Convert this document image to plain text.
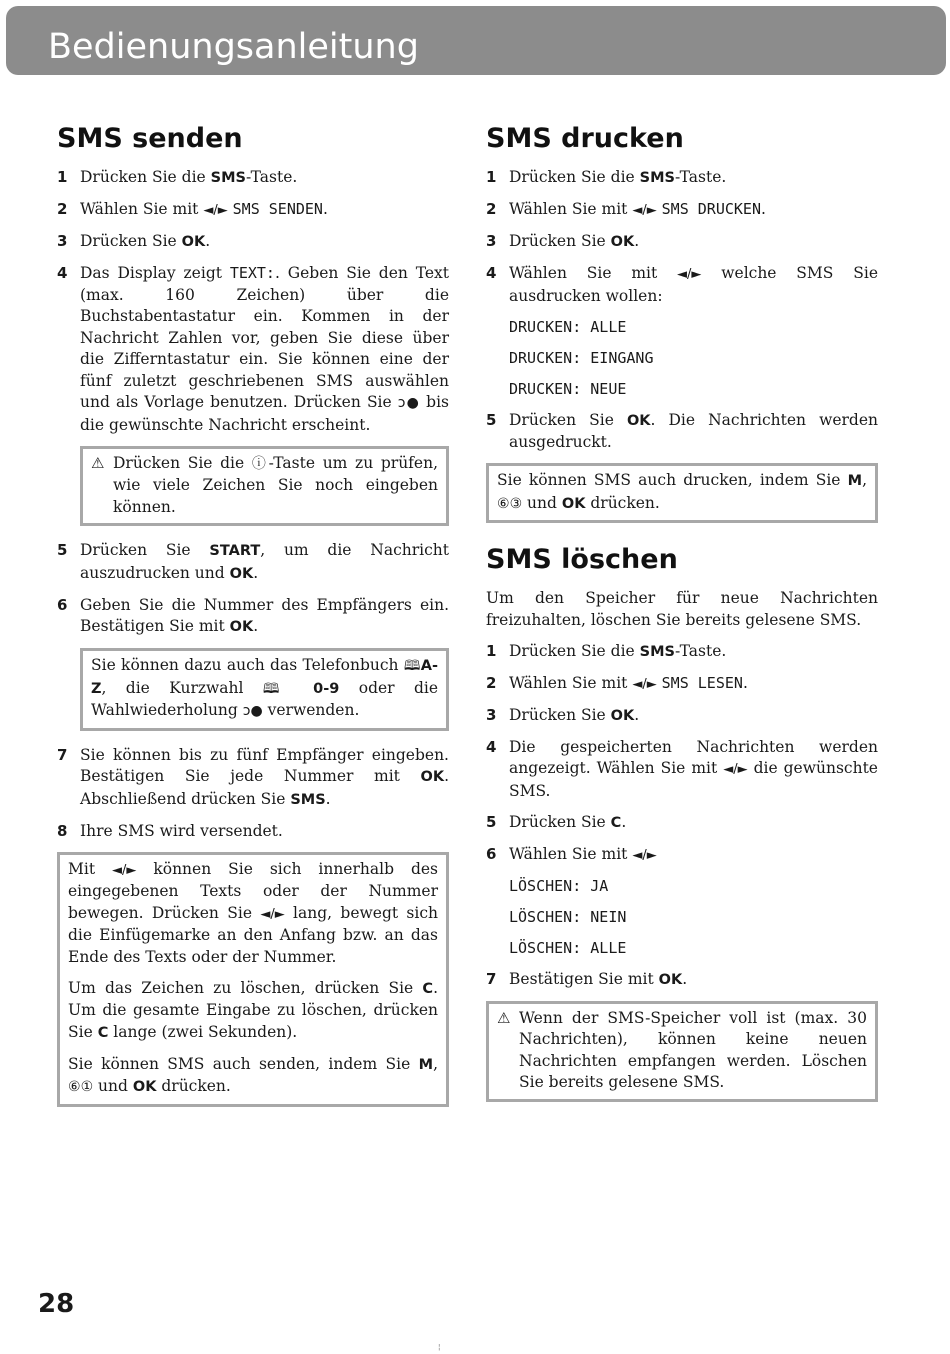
Bedienungsanleitung
SMS senden
1 Drücken Sie die SMS-Taste.
2 Wählen Sie mit ◄/► SMS SENDEN.
3 Drücken Sie OK.
4 Das Display zeigt TEXT:. Geben Sie den Text (max. 160 Zeichen) über die Buchstabentastatur ein. Kommen in der Nachricht Zahlen vor, geben Sie diese über die Zifferntastatur ein. Sie können eine der fünf zuletzt geschriebenen SMS auswählen und als Vorlage benutzen. Drücken Sie ↄ● bis die gewünschte Nachricht erscheint.
⚠ Drücken Sie die ⓘ-Taste um zu prüfen, wie viele Zeichen Sie noch eingeben können.
5 Drücken Sie START, um die Nachricht auszudrucken und OK.
6 Geben Sie die Nummer des Empfängers ein. Bestätigen Sie mit OK.
Sie können dazu auch das Telefonbuch 🕮A-Z, die Kurzwahl 🕮 0-9 oder die Wahlwiederholung ↄ● verwenden.
7 Sie können bis zu fünf Empfänger eingeben. Bestätigen Sie jede Nummer mit OK. Abschließend drücken Sie SMS.
8 Ihre SMS wird versendet.

Mit ◄/► können Sie sich innerhalb des eingegebenen Texts oder der Nummer bewegen. Drücken Sie ◄/► lang, bewegt sich die Einfügemarke an den Anfang bzw. an das Ende des Texts oder der Nummer.

Um das Zeichen zu löschen, drücken Sie C. Um die gesamte Eingabe zu löschen, drücken Sie C lange (zwei Sekunden).

Sie können SMS auch senden, indem Sie M, ⑥① und OK drücken.

SMS drucken
1 Drücken Sie die SMS-Taste.
2 Wählen Sie mit ◄/► SMS DRUCKEN.
3 Drücken Sie OK.
4 Wählen Sie mit ◄/► welche SMS Sie ausdrucken wollen:
DRUCKEN: ALLE
DRUCKEN: EINGANG
DRUCKEN: NEUE
5 Drücken Sie OK. Die Nachrichten werden ausgedruckt.
Sie können SMS auch drucken, indem Sie M, ⑥③ und OK drücken.
SMS löschen

Um den Speicher für neue Nachrichten freizuhalten, löschen Sie bereits gelesene SMS.

1 Drücken Sie die SMS-Taste.
2 Wählen Sie mit ◄/► SMS LESEN.
3 Drücken Sie OK.
4 Die gespeicherten Nachrichten werden angezeigt. Wählen Sie mit ◄/► die gewünschte SMS.
5 Drücken Sie C.
6 Wählen Sie mit ◄/►
LÖSCHEN: JA
LÖSCHEN: NEIN
LÖSCHEN: ALLE
7 Bestätigen Sie mit OK.
⚠ Wenn der SMS-Speicher voll ist (max. 30 Nachrichten), können keine neuen Nachrichten empfangen werden. Löschen Sie bereits gelesene SMS.
28
¦
